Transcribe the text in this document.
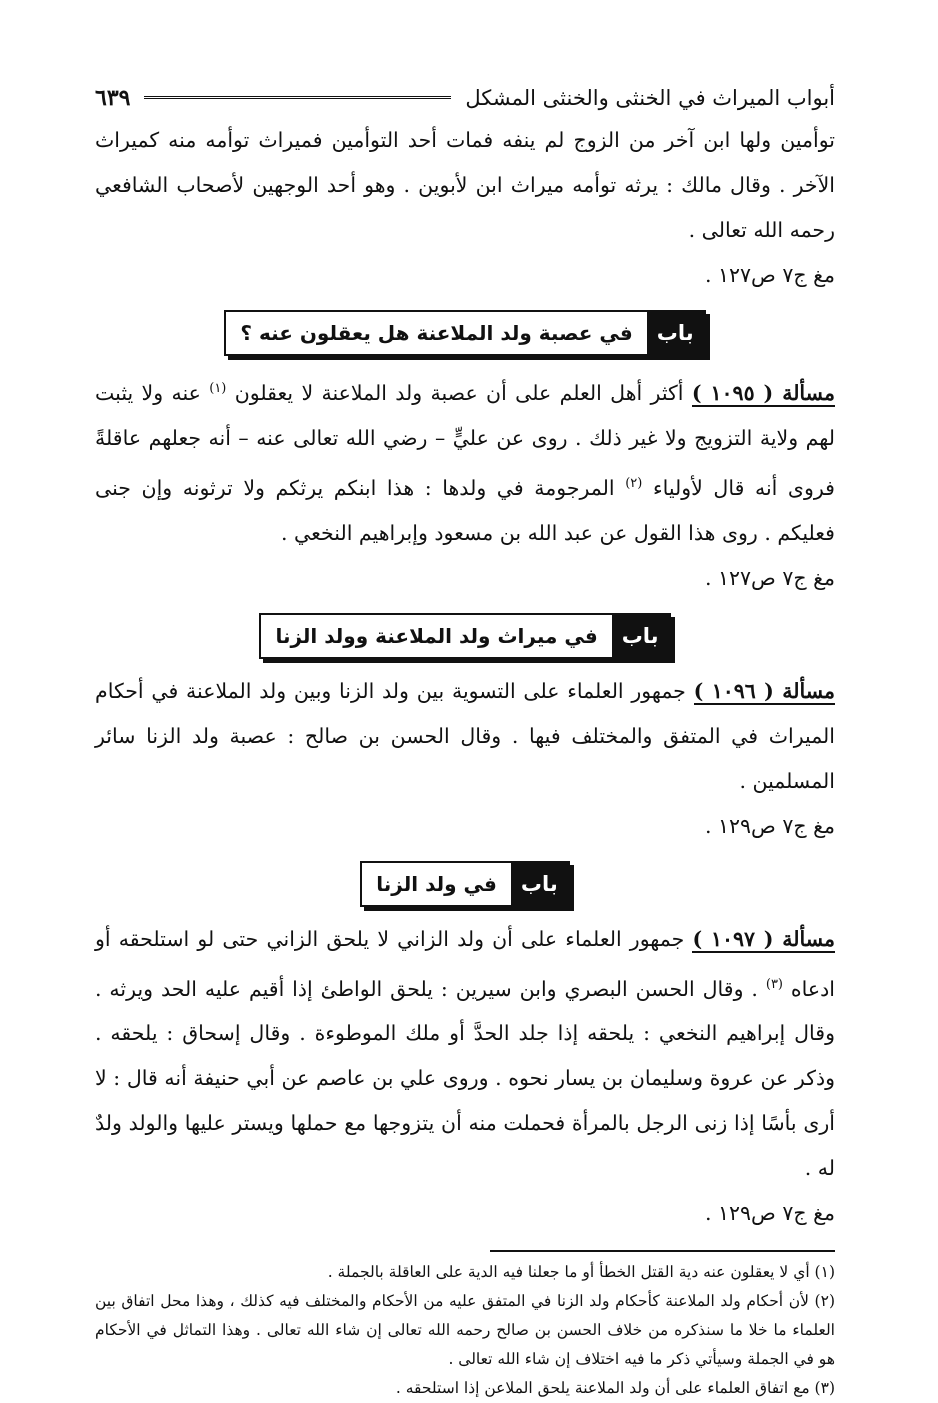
أبواب الميراث في الخنثى والخنثى المشكل
٦٣٩

توأمين ولها ابن آخر من الزوج لم ينفه فمات أحد التوأمين فميراث توأمه منه كميراث الآخر . وقال مالك : يرثه توأمه ميراث ابن لأبوين . وهو أحد الوجهين لأصحاب الشافعي رحمه الله تعالى .

مغ ج٧ ص١٢٧ .

باب
في عصبة ولد الملاعنة هل يعقلون عنه ؟

مسألة ( ١٠٩٥ ) أكثر أهل العلم على أن عصبة ولد الملاعنة لا يعقلون $^{(١)}$ عنه ولا يثبت لهم ولاية التزويج ولا غير ذلك . روى عن عليٍّ – رضي الله تعالى عنه – أنه جعلهم عاقلةً فروى أنه قال لأولياء $^{(٢)}$ المرجومة في ولدها : هذا ابنكم يرثكم ولا ترثونه وإن جنى فعليكم . روى هذا القول عن عبد الله بن مسعود وإبراهيم النخعي .

مغ ج٧ ص١٢٧ .

باب
في ميراث ولد الملاعنة وولد الزنا

مسألة ( ١٠٩٦ ) جمهور العلماء على التسوية بين ولد الزنا وبين ولد الملاعنة في أحكام الميراث في المتفق والمختلف فيها . وقال الحسن بن صالح : عصبة ولد الزنا سائر المسلمين .

مغ ج٧ ص١٢٩ .

باب
في ولد الزنا

مسألة ( ١٠٩٧ ) جمهور العلماء على أن ولد الزاني لا يلحق الزاني حتى لو استلحقه أو ادعاه $^{(٣)}$ . وقال الحسن البصري وابن سيرين : يلحق الواطئ إذا أقيم عليه الحد ويرثه . وقال إبراهيم النخعي : يلحقه إذا جلد الحدَّ أو ملك الموطوءة . وقال إسحاق : يلحقه . وذكر عن عروة وسليمان بن يسار نحوه . وروى علي بن عاصم عن أبي حنيفة أنه قال : لا أرى بأسًا إذا زنى الرجل بالمرأة فحملت منه أن يتزوجها مع حملها ويستر عليها والولد ولدٌ له .

مغ ج٧ ص١٢٩ .

(١) أي لا يعقلون عنه دية القتل الخطأ أو ما جعلنا فيه الدية على العاقلة بالجملة .

(٢) لأن أحكام ولد الملاعنة كأحكام ولد الزنا في المتفق عليه من الأحكام والمختلف فيه كذلك ، وهذا محل اتفاق بين العلماء ما خلا ما سنذكره من خلاف الحسن بن صالح رحمه الله تعالى إن شاء الله تعالى . وهذا التماثل في الأحكام هو في الجملة وسيأتي ذكر ما فيه اختلاف إن شاء الله تعالى .

(٣) مع اتفاق العلماء على أن ولد الملاعنة يلحق الملاعن إذا استلحقه .
